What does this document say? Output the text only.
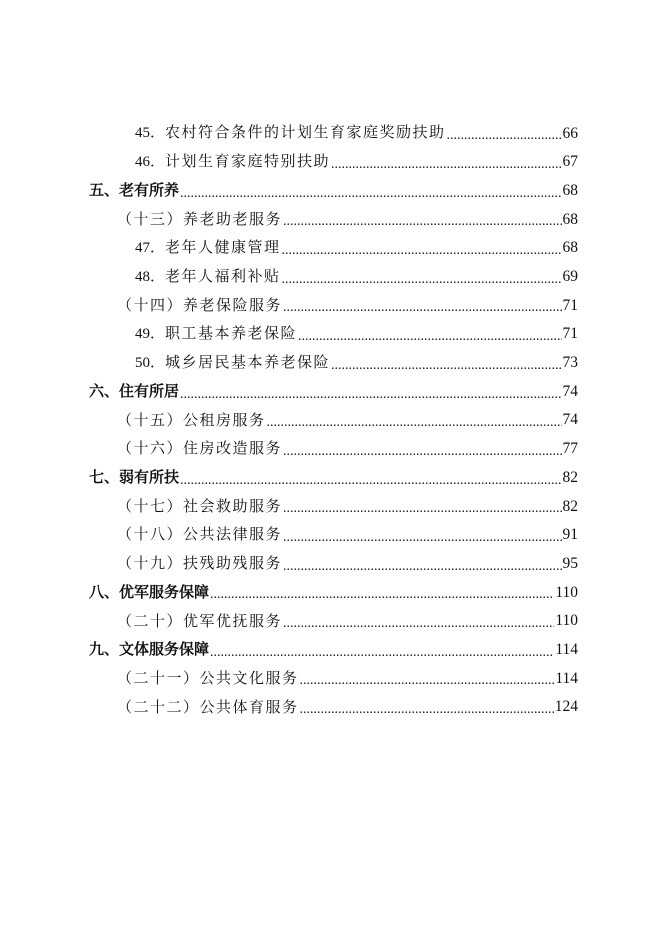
45．农村符合条件的计划生育家庭奖励扶助 .....	66
46．计划生育家庭特别扶助 .....	67
五、老有所养 .....	68
（十三）养老助老服务 .....	68
47．老年人健康管理 .....	68
48．老年人福利补贴 .....	69
（十四）养老保险服务 .....	71
49．职工基本养老保险 .....	71
50．城乡居民基本养老保险 .....	73
六、住有所居 .....	74
（十五）公租房服务 .....	74
（十六）住房改造服务 .....	77
七、弱有所扶 .....	82
（十七）社会救助服务 .....	82
（十八）公共法律服务 .....	91
（十九）扶残助残服务 .....	95
八、优军服务保障 .....	110
（二十）优军优抚服务 .....	110
九、文体服务保障 .....	114
（二十一）公共文化服务 .....	114
（二十二）公共体育服务 .....	124
